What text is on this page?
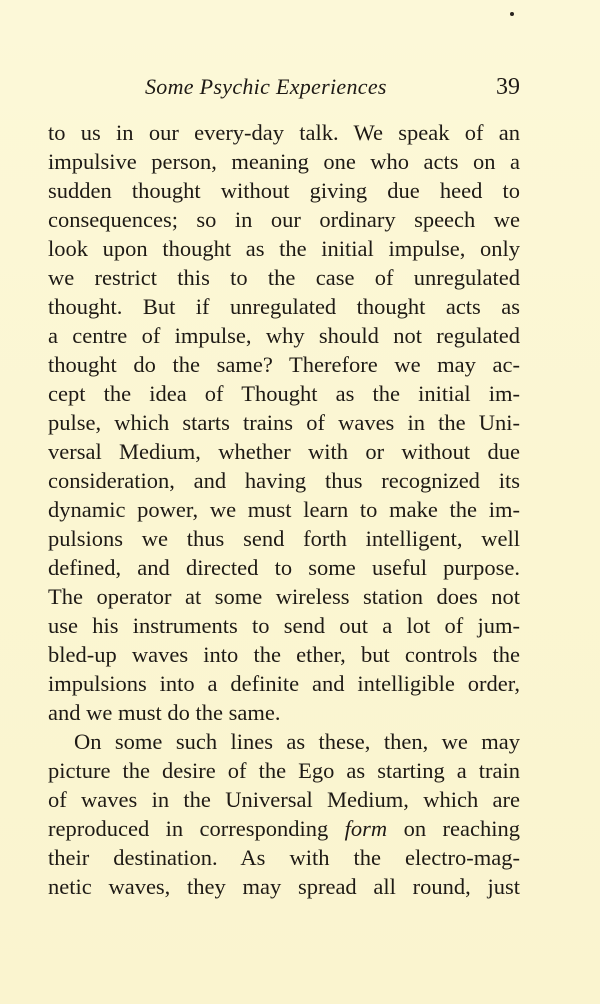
Some Psychic Experiences	39
to us in our every-day talk. We speak of an
impulsive person, meaning one who acts on a
sudden thought without giving due heed to
consequences; so in our ordinary speech we
look upon thought as the initial impulse, only
we restrict this to the case of unregulated
thought. But if unregulated thought acts as
a centre of impulse, why should not regulated
thought do the same? Therefore we may ac-
cept the idea of Thought as the initial im-
pulse, which starts trains of waves in the Uni-
versal Medium, whether with or without due
consideration, and having thus recognized its
dynamic power, we must learn to make the im-
pulsions we thus send forth intelligent, well
defined, and directed to some useful purpose.
The operator at some wireless station does not
use his instruments to send out a lot of jum-
bled-up waves into the ether, but controls the
impulsions into a definite and intelligible order,
and we must do the same.
On some such lines as these, then, we may
picture the desire of the Ego as starting a train
of waves in the Universal Medium, which are
reproduced in corresponding form on reaching
their destination. As with the electro-mag-
netic waves, they may spread all round, just
